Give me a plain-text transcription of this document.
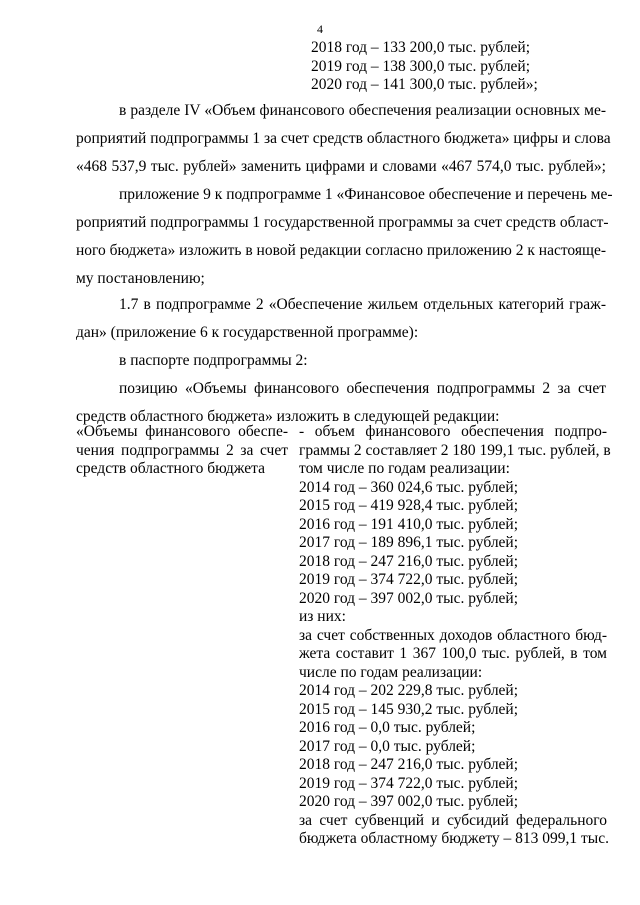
4
2018 год – 133 200,0 тыс. рублей;
2019 год – 138 300,0 тыс. рублей;
2020 год – 141 300,0 тыс. рублей»;
в разделе IV «Объем финансового обеспечения реализации основных ме-
роприятий подпрограммы 1 за счет средств областного бюджета» цифры и слова
«468 537,9 тыс. рублей» заменить цифрами и словами «467 574,0 тыс. рублей»;
приложение 9 к подпрограмме 1 «Финансовое обеспечение и перечень ме-
роприятий подпрограммы 1 государственной программы за счет средств област-
ного бюджета» изложить в новой редакции согласно приложению 2 к настояще-
му постановлению;
1.7 в подпрограмме 2 «Обеспечение жильем отдельных категорий граж-
дан» (приложение 6 к государственной программе):
в паспорте подпрограммы 2:
позицию «Объемы финансового обеспечения подпрограммы 2 за счет
средств областного бюджета» изложить в следующей редакции:
«Объемы финансового обеспе-
чения подпрограммы 2 за счет
средств областного бюджета
- объем финансового обеспечения подпро-
граммы 2 составляет 2 180 199,1 тыс. рублей, в
том числе по годам реализации:
2014 год – 360 024,6 тыс. рублей;
2015 год – 419 928,4 тыс. рублей;
2016 год – 191 410,0 тыс. рублей;
2017 год – 189 896,1 тыс. рублей;
2018 год – 247 216,0 тыс. рублей;
2019 год – 374 722,0 тыс. рублей;
2020 год – 397 002,0 тыс. рублей;
из них:
за счет собственных доходов областного бюд-
жета составит 1 367 100,0 тыс. рублей, в том
числе по годам реализации:
2014 год – 202 229,8 тыс. рублей;
2015 год – 145 930,2 тыс. рублей;
2016 год – 0,0 тыс. рублей;
2017 год – 0,0 тыс. рублей;
2018 год – 247 216,0 тыс. рублей;
2019 год – 374 722,0 тыс. рублей;
2020 год – 397 002,0 тыс. рублей;
за счет субвенций и субсидий федерального
бюджета областному бюджету – 813 099,1 тыс.
